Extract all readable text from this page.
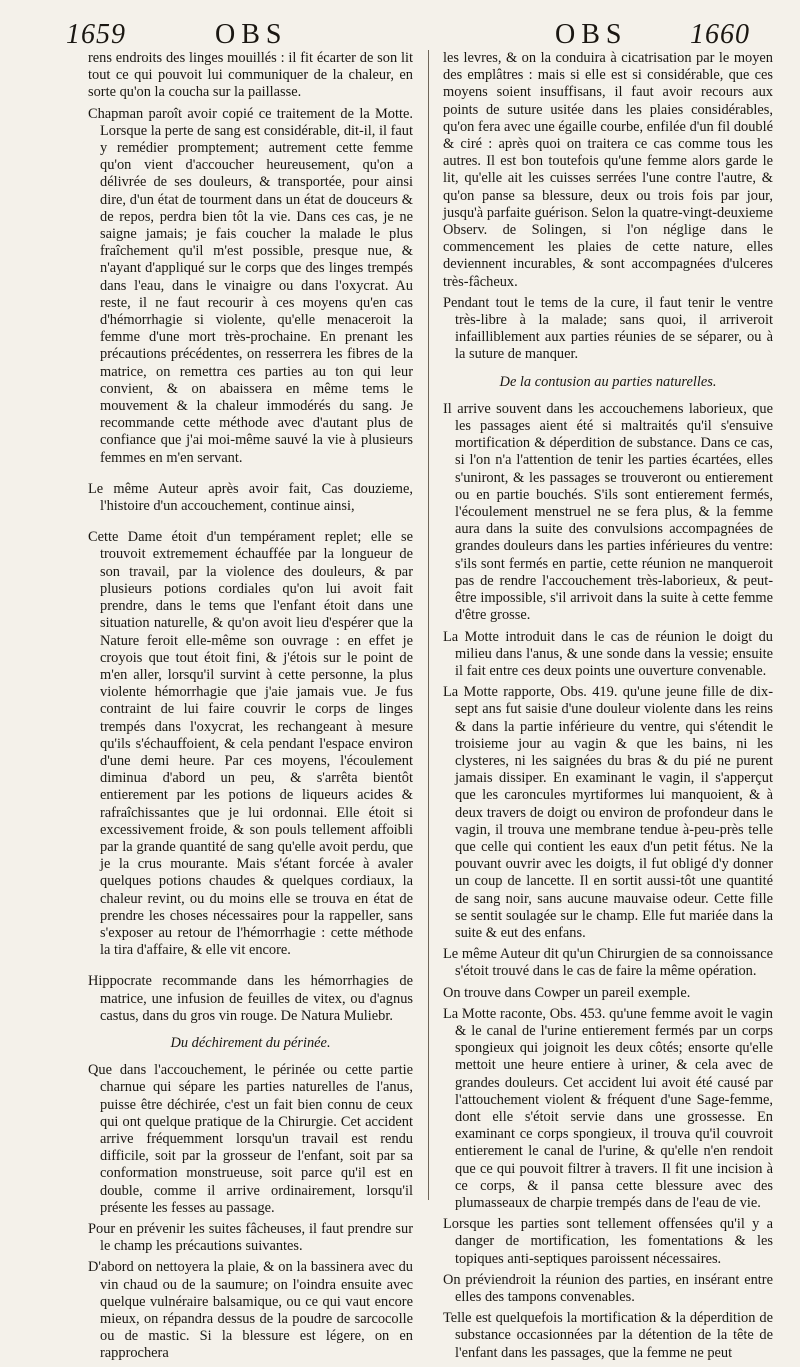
1659	OBS	OBS 1660

rens endroits des linges mouillés : il fit écarter de son lit tout ce qui pouvoit lui communiquer de la chaleur, en sorte qu'on la coucha sur la paillasse.

Chapman paroît avoir copié ce traitement de la Motte. Lorsque la perte de sang est considérable, dit-il, il faut y remédier promptement; autrement cette femme qu'on vient d'accoucher heureusement, qu'on a délivrée de ses douleurs, & transportée, pour ainsi dire, d'un état de tourment dans un état de douceurs & de repos, perdra bien tôt la vie. Dans ces cas, je ne saigne jamais; je fais coucher la malade le plus fraîchement qu'il m'est possible, presque nue, & n'ayant d'appliqué sur le corps que des linges trempés dans l'eau, dans le vinaigre ou dans l'oxycrat. Au reste, il ne faut recourir à ces moyens qu'en cas d'hémorrhagie si violente, qu'elle menaceroit la femme d'une mort très-prochaine. En prenant les précautions précédentes, on resserrera les fibres de la matrice, on remettra ces parties au ton qui leur convient, & on abaissera en même tems le mouvement & la chaleur immodérés du sang. Je recommande cette méthode avec d'autant plus de confiance que j'ai moi-même sauvé la vie à plusieurs femmes en m'en servant.

Le même Auteur après avoir fait, Cas douzieme, l'histoire d'un accouchement, continue ainsi,

Cette Dame étoit d'un tempérament replet; elle se trouvoit extremement échauffée par la longueur de son travail, par la violence des douleurs, & par plusieurs potions cordiales qu'on lui avoit fait prendre, dans le tems que l'enfant étoit dans une situation naturelle, & qu'on avoit lieu d'espérer que la Nature feroit elle-même son ouvrage : en effet je croyois que tout étoit fini, & j'étois sur le point de m'en aller, lorsqu'il survint à cette personne, la plus violente hémorrhagie que j'aie jamais vue. Je fus contraint de lui faire couvrir le corps de linges trempés dans l'oxycrat, les rechangeant à mesure qu'ils s'échauffoient, & cela pendant l'espace environ d'une demi heure. Par ces moyens, l'écoulement diminua d'abord un peu, & s'arrêta bientôt entierement par les potions de liqueurs acides & rafraîchissantes que je lui ordonnai. Elle étoit si excessivement froide, & son pouls tellement affoibli par la grande quantité de sang qu'elle avoit perdu, que je la crus mourante. Mais s'étant forcée à avaler quelques potions chaudes & quelques cordiaux, la chaleur revint, ou du moins elle se trouva en état de prendre les choses nécessaires pour la rappeller, sans s'exposer au retour de l'hémorrhagie : cette méthode la tira d'affaire, & elle vit encore.

Hippocrate recommande dans les hémorrhagies de matrice, une infusion de feuilles de vitex, ou d'agnus castus, dans du gros vin rouge. De Natura Muliebr.

Du déchirement du périnée.

Que dans l'accouchement, le périnée ou cette partie charnue qui sépare les parties naturelles de l'anus, puisse être déchirée, c'est un fait bien connu de ceux qui ont quelque pratique de la Chirurgie. Cet accident arrive fréquemment lorsqu'un travail est rendu difficile, soit par la grosseur de l'enfant, soit par sa conformation monstrueuse, soit parce qu'il est en double, comme il arrive ordinairement, lorsqu'il présente les fesses au passage.

Pour en prévenir les suites fâcheuses, il faut prendre sur le champ les précautions suivantes.

D'abord on nettoyera la plaie, & on la bassinera avec du vin chaud ou de la saumure; on l'oindra ensuite avec quelque vulnéraire balsamique, ou ce qui vaut encore mieux, on répandra dessus de la poudre de sarcocolle ou de mastic. Si la blessure est légere, on en rapprochera

les levres, & on la conduira à cicatrisation par le moyen des emplâtres : mais si elle est si considérable, que ces moyens soient insuffisans, il faut avoir recours aux points de suture usitée dans les plaies considérables, qu'on fera avec une égaille courbe, enfilée d'un fil doublé & ciré : après quoi on traitera ce cas comme tous les autres. Il est bon toutefois qu'une femme alors garde le lit, qu'elle ait les cuisses serrées l'une contre l'autre, & qu'on panse sa blessure, deux ou trois fois par jour, jusqu'à parfaite guérison. Selon la quatre-vingt-deuxieme Observ. de Solingen, si l'on néglige dans le commencement les plaies de cette nature, elles deviennent incurables, & sont accompagnées d'ulceres très-fâcheux.

Pendant tout le tems de la cure, il faut tenir le ventre très-libre à la malade; sans quoi, il arriveroit infailliblement aux parties réunies de se séparer, ou à la suture de manquer.

De la contusion au parties naturelles.

Il arrive souvent dans les accouchemens laborieux, que les passages aient été si maltraités qu'il s'ensuive mortification & déperdition de substance. Dans ce cas, si l'on n'a l'attention de tenir les parties écartées, elles s'uniront, & les passages se trouveront ou entierement ou en partie bouchés. S'ils sont entierement fermés, l'écoulement menstruel ne se fera plus, & la femme aura dans la suite des convulsions accompagnées de grandes douleurs dans les parties inférieures du ventre: s'ils sont fermés en partie, cette réunion ne manqueroit pas de rendre l'accouchement très-laborieux, & peut-être impossible, s'il arrivoit dans la suite à cette femme d'être grosse.

La Motte introduit dans le cas de réunion le doigt du milieu dans l'anus, & une sonde dans la vessie; ensuite il fait entre ces deux points une ouverture convenable.

La Motte rapporte, Obs. 419. qu'une jeune fille de dix-sept ans fut saisie d'une douleur violente dans les reins & dans la partie inférieure du ventre, qui s'étendit le troisieme jour au vagin & que les bains, ni les clysteres, ni les saignées du bras & du pié ne purent jamais dissiper. En examinant le vagin, il s'apperçut que les caroncules myrtiformes lui manquoient, & à deux travers de doigt ou environ de profondeur dans le vagin, il trouva une membrane tendue à-peu-près telle que celle qui contient les eaux d'un petit fétus. Ne la pouvant ouvrir avec les doigts, il fut obligé d'y donner un coup de lancette. Il en sortit aussi-tôt une quantité de sang noir, sans aucune mauvaise odeur. Cette fille se sentit soulagée sur le champ. Elle fut mariée dans la suite & eut des enfans.

Le même Auteur dit qu'un Chirurgien de sa connoissance s'étoit trouvé dans le cas de faire la même opération.

On trouve dans Cowper un pareil exemple.

La Motte raconte, Obs. 453. qu'une femme avoit le vagin & le canal de l'urine entierement fermés par un corps spongieux qui joignoit les deux côtés; ensorte qu'elle mettoit une heure entiere à uriner, & cela avec de grandes douleurs. Cet accident lui avoit été causé par l'attouchement violent & fréquent d'une Sage-femme, dont elle s'étoit servie dans une grossesse. En examinant ce corps spongieux, il trouva qu'il couvroit entierement le canal de l'urine, & qu'elle n'en rendoit que ce qui pouvoit filtrer à travers. Il fit une incision à ce corps, & il pansa cette blessure avec des plumasseaux de charpie trempés dans de l'eau de vie.

Lorsque les parties sont tellement offensées qu'il y a danger de mortification, les fomentations & les topiques anti-septiques paroissent nécessaires.

On préviendroit la réunion des parties, en insérant entre elles des tampons convenables.

Telle est quelquefois la mortification & la déperdition de substance occasionnées par la détention de la tête de l'enfant dans les passages, que la femme ne peut
